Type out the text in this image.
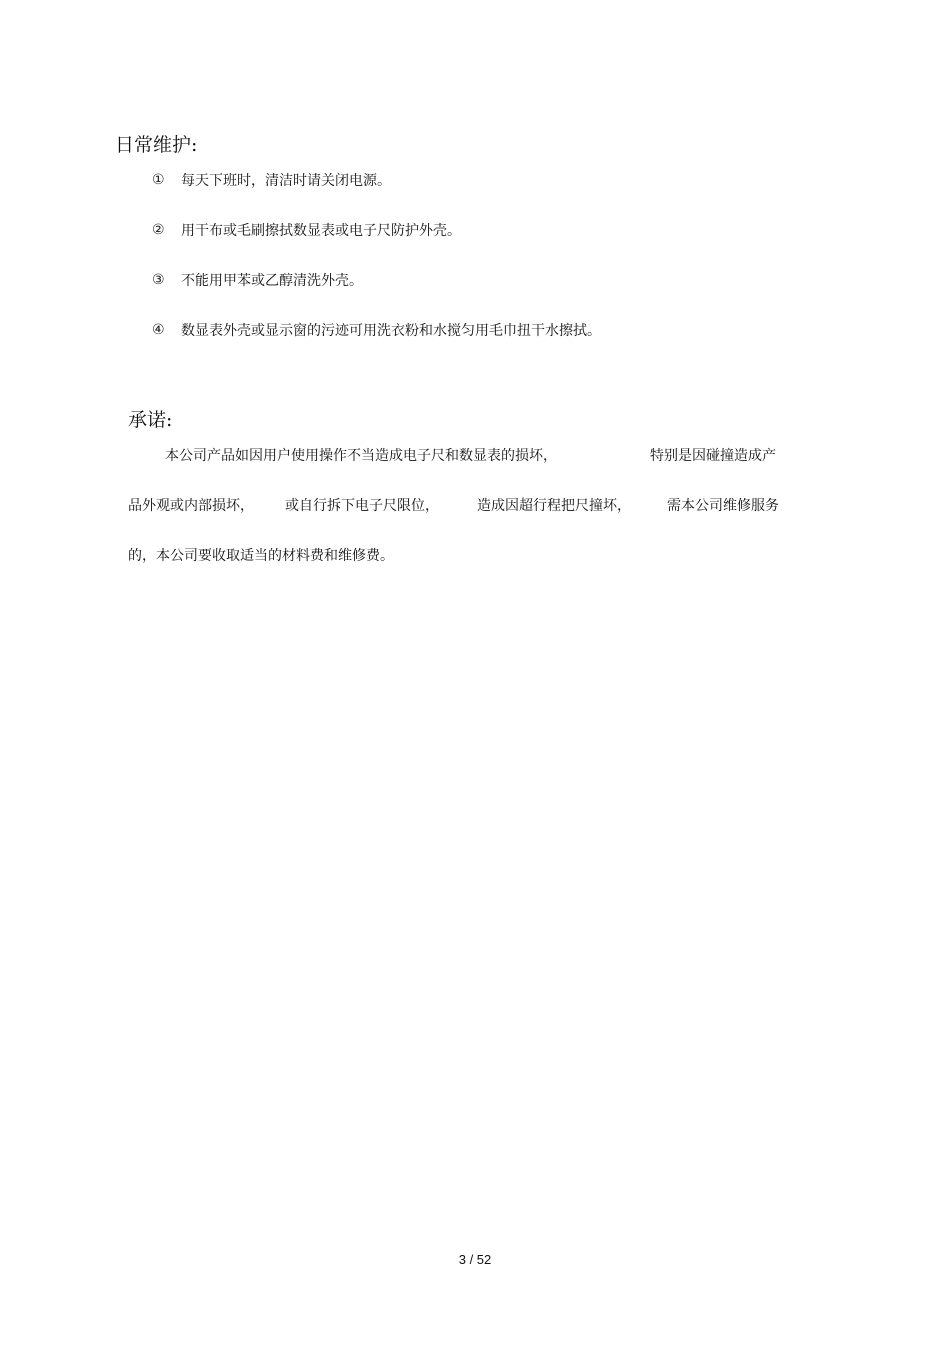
日常维护:
①	每天下班时，清洁时请关闭电源。
②	用干布或毛刷擦拭数显表或电子尺防护外壳。
③	不能用甲苯或乙醇清洗外壳。
④	数显表外壳或显示窗的污迹可用洗衣粉和水搅匀用毛巾扭干水擦拭。
承诺:
本公司产品如因用户使用操作不当造成电子尺和数显表的损坏，	特别是因碰撞造成产
品外观或内部损坏， 或自行拆下电子尺限位，	造成因超行程把尺撞坏，	需本公司维修服务
的，本公司要收取适当的材料费和维修费。
3 / 52
